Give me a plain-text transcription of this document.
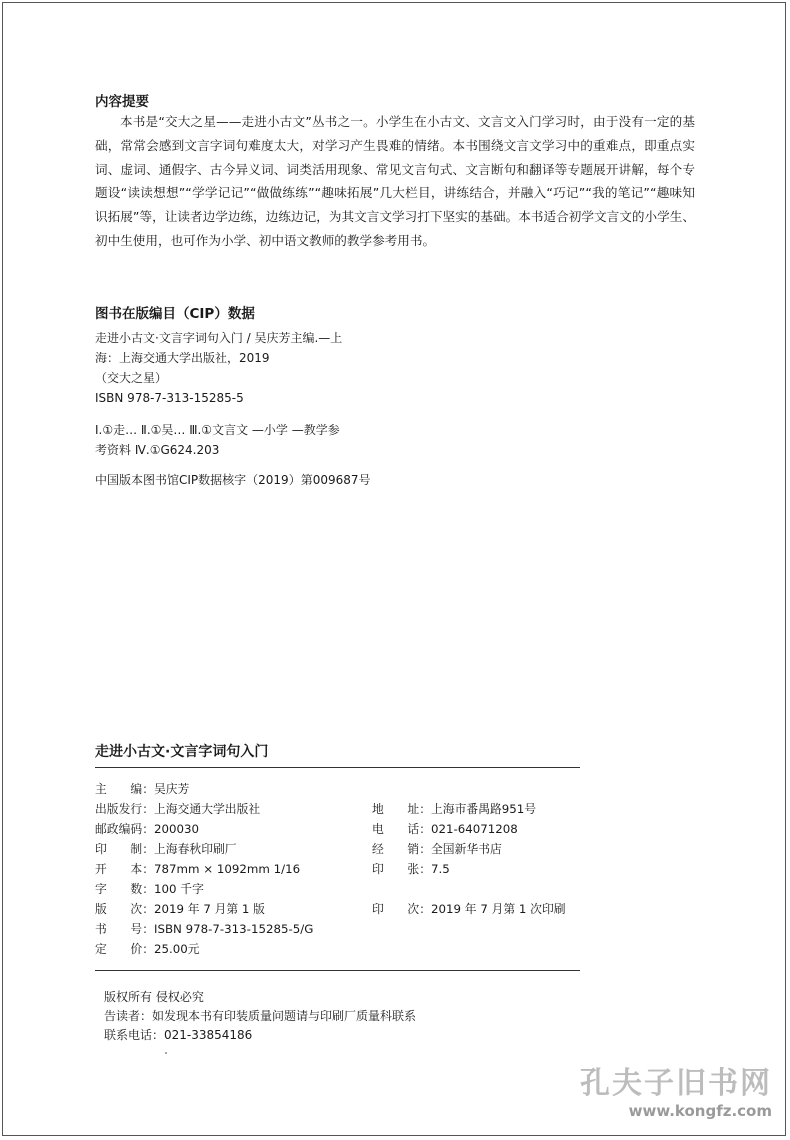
内容提要

本书是“交大之星——走进小古文”丛书之一。小学生在小古文、文言文入门学习时，由于没有一定的基础，常常会感到文言字词句难度太大，对学习产生畏难的情绪。本书围绕文言文学习中的重难点，即重点实词、虚词、通假字、古今异义词、词类活用现象、常见文言句式、文言断句和翻译等专题展开讲解，每个专题设“读读想想”“学学记记”“做做练练”“趣味拓展”几大栏目，讲练结合，并融入“巧记”“我的笔记”“趣味知识拓展”等，让读者边学边练，边练边记，为其文言文学习打下坚实的基础。本书适合初学文言文的小学生、初中生使用，也可作为小学、初中语文教师的教学参考用书。

图书在版编目（CIP）数据
走进小古文·文言字词句入门 / 吴庆芳主编.—上
海：上海交通大学出版社，2019
（交大之星）
ISBN 978-7-313-15285-5
Ⅰ.①走… Ⅱ.①吴… Ⅲ.①文言文 —小学 —教学参
考资料 Ⅳ.①G624.203
中国版本图书馆CIP数据核字（2019）第009687号
走进小古文·文言字词句入门
主　　编：吴庆芳
出版发行：上海交通大学出版社
邮政编码：200030
印　　制：上海春秋印刷厂
开　　本：787mm × 1092mm 1/16
字　　数：100 千字
版　　次：2019 年 7 月第 1 版
书　　号：ISBN 978-7-313-15285-5/G
定　　价：25.00元
地　　址：上海市番禺路951号
电　　话：021-64071208
经　　销：全国新华书店
印　　张：7.5
印　　次：2019 年 7 月第 1 次印刷
版权所有 侵权必究
告读者：如发现本书有印装质量问题请与印刷厂质量科联系
联系电话：021-33854186
孔夫子旧书网
www.kongfz.com
